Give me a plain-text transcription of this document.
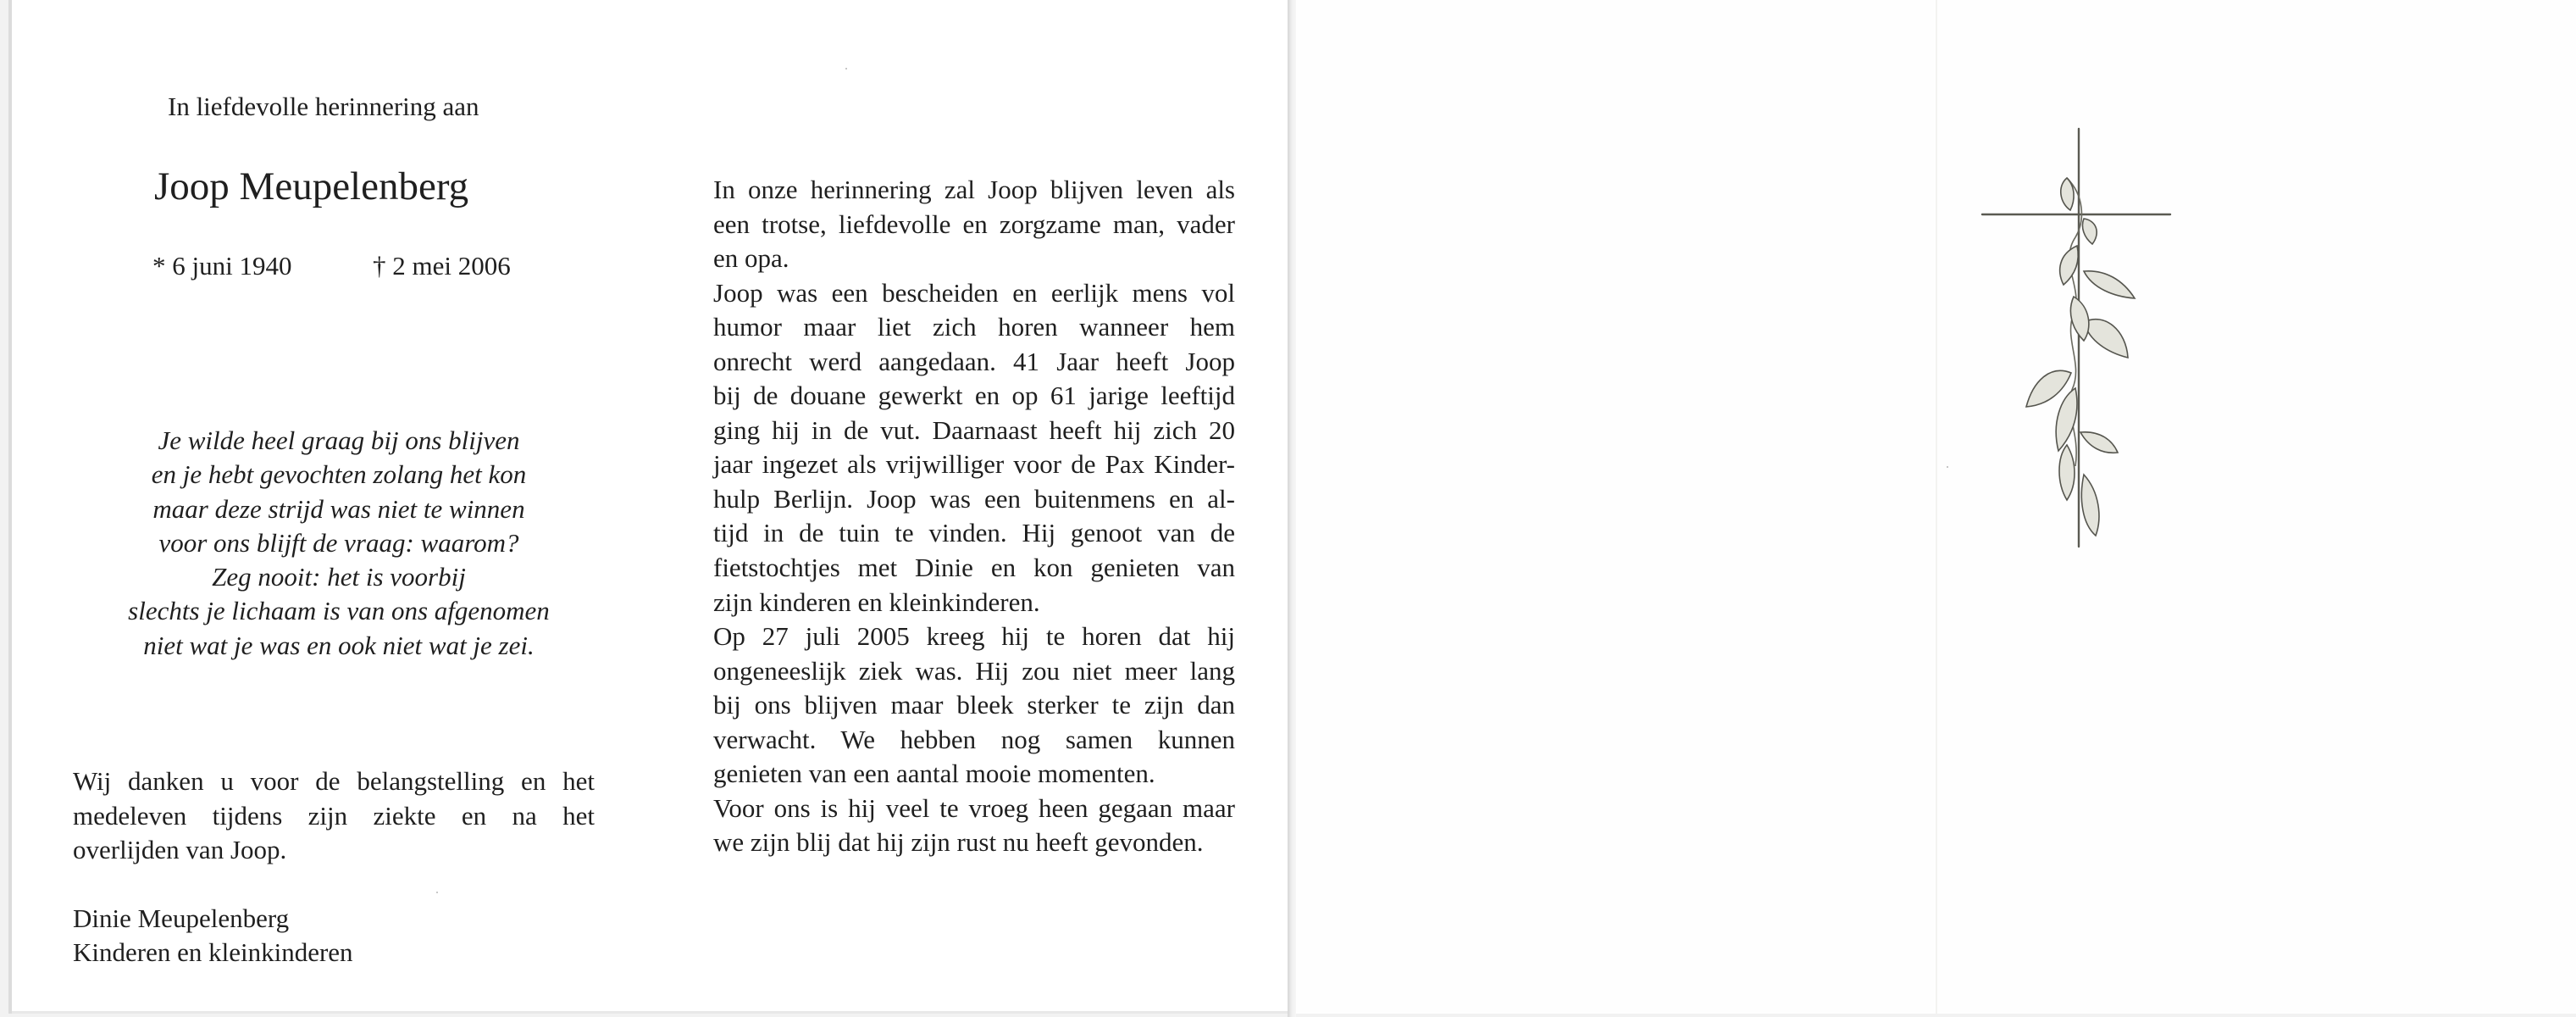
In liefdevolle herinnering aan
Joop Meupelenberg
* 6 juni 1940	† 2 mei 2006
Je wilde heel graag bij ons blijven
en je hebt gevochten zolang het kon
maar deze strijd was niet te winnen
voor ons blijft de vraag: waarom?
Zeg nooit: het is voorbij
slechts je lichaam is van ons afgenomen
niet wat je was en ook niet wat je zei.
Wij danken u voor de belangstelling en het
medeleven tijdens zijn ziekte en na het
overlijden van Joop.
Dinie Meupelenberg
Kinderen en kleinkinderen
In onze herinnering zal Joop blijven leven als
een trotse, liefdevolle en zorgzame man, vader
en opa.
Joop was een bescheiden en eerlijk mens vol
humor maar liet zich horen wanneer hem
onrecht werd aangedaan. 41 Jaar heeft Joop
bij de douane gewerkt en op 61 jarige leeftijd
ging hij in de vut. Daarnaast heeft hij zich 20
jaar ingezet als vrijwilliger voor de Pax Kinder-
hulp Berlijn. Joop was een buitenmens en al-
tijd in de tuin te vinden. Hij genoot van de
fietstochtjes met Dinie en kon genieten van
zijn kinderen en kleinkinderen.
Op 27 juli 2005 kreeg hij te horen dat hij
ongeneeslijk ziek was. Hij zou niet meer lang
bij ons blijven maar bleek sterker te zijn dan
verwacht. We hebben nog samen kunnen
genieten van een aantal mooie momenten.
Voor ons is hij veel te vroeg heen gegaan maar
we zijn blij dat hij zijn rust nu heeft gevonden.
